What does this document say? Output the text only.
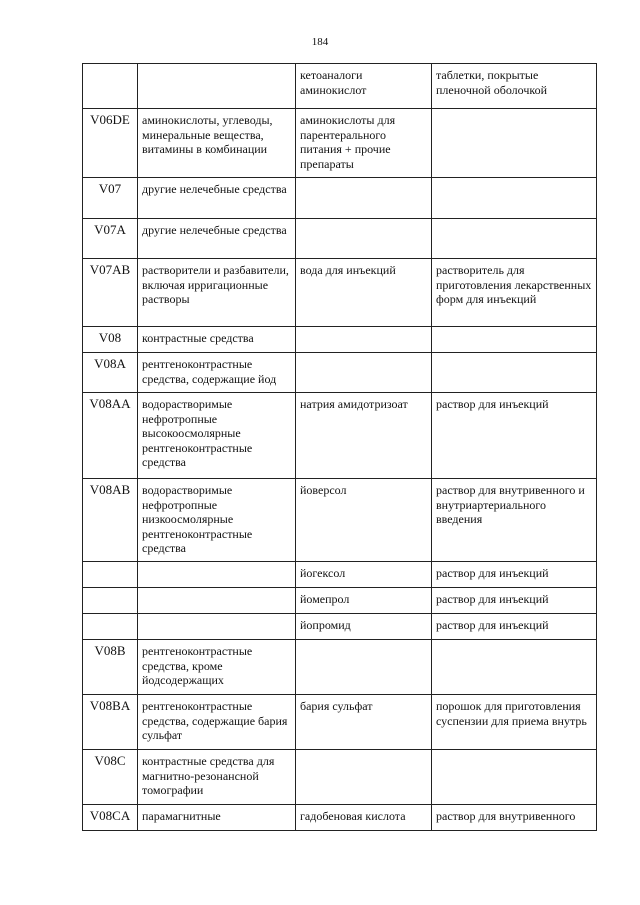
184
		кетоаналоги аминокислот	таблетки, покрытые пленочной оболочкой
V06DE	аминокислоты, углеводы, минеральные вещества, витамины в комбинации	аминокислоты для парентерального питания + прочие препараты	
V07	другие нелечебные средства		
V07A	другие нелечебные средства		
V07AB	растворители и разбавители, включая ирригационные растворы	вода для инъекций	растворитель для приготовления лекарственных форм для инъекций
V08	контрастные средства		
V08A	рентгеноконтрастные средства, содержащие йод		
V08AA	водорастворимые нефротропные высокоосмолярные рентгеноконтрастные средства	натрия амидотризоат	раствор для инъекций
V08AB	водорастворимые нефротропные низкоосмолярные рентгеноконтрастные средства	йоверсол	раствор для внутривенного и внутриартериального введения
		йогексол	раствор для инъекций
		йомепрол	раствор для инъекций
		йопромид	раствор для инъекций
V08B	рентгеноконтрастные средства, кроме йодсодержащих		
V08BA	рентгеноконтрастные средства, содержащие бария сульфат	бария сульфат	порошок для приготовления суспензии для приема внутрь
V08C	контрастные средства для магнитно-резонансной томографии		
V08CA	парамагнитные	гадобеновая кислота	раствор для внутривенного
